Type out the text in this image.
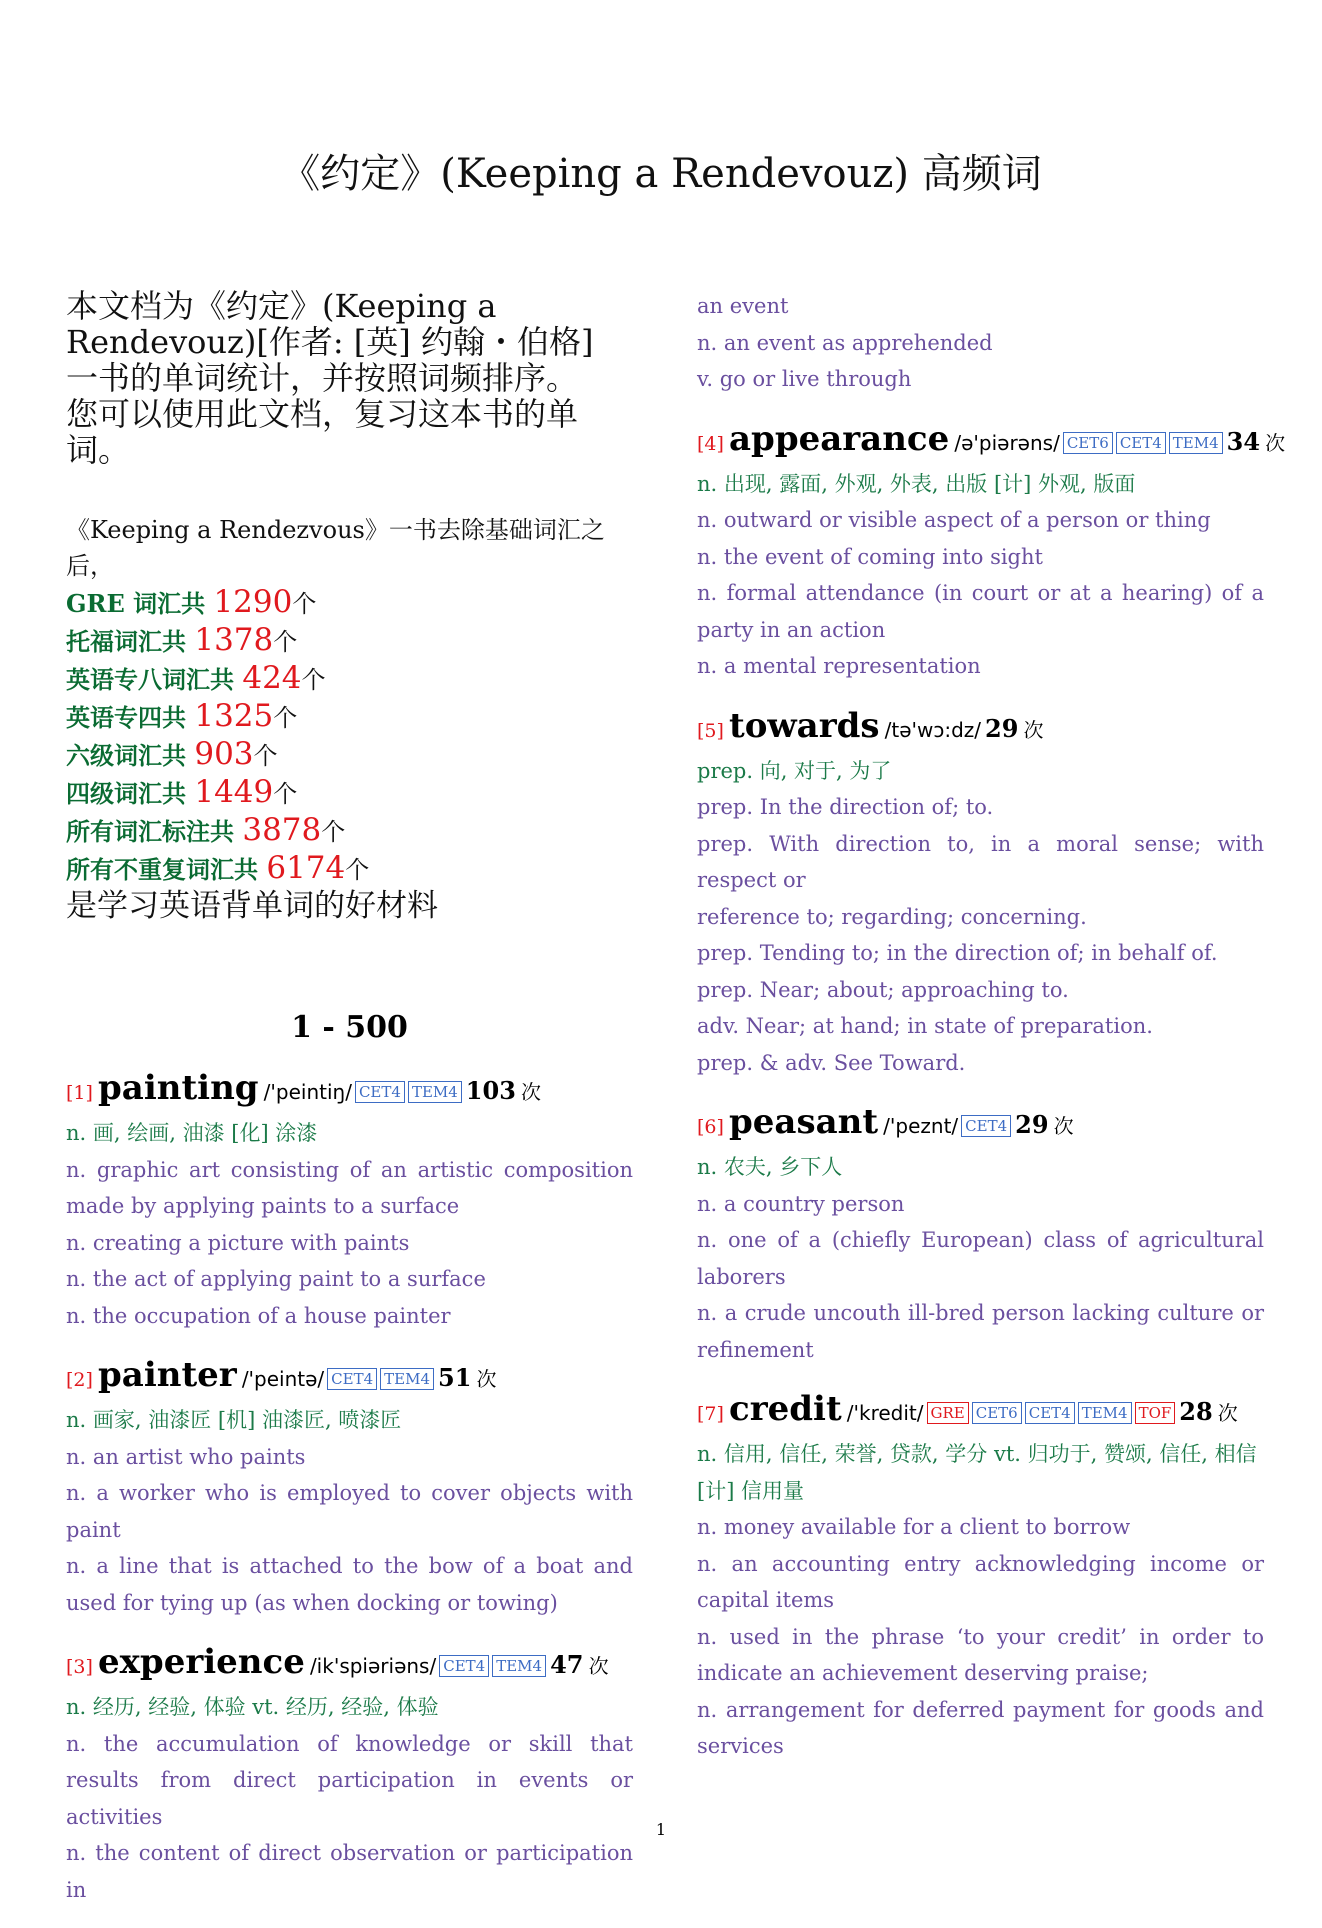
《约定》(Keeping a Rendevouz) 高频词

本文档为《约定》(Keeping a Rendevouz)[作者: [英] 约翰・伯格] 一书的单词统计，并按照词频排序。
您可以使用此文档，复习这本书的单词。

《Keeping a Rendezvous》一书去除基础词汇之后，
GRE 词汇共 1290个
托福词汇共 1378个
英语专八词汇共 424个
英语专四共 1325个
六级词汇共 903个
四级词汇共 1449个
所有词汇标注共 3878个
所有不重复词汇共 6174个
是学习英语背单词的好材料
1 - 500
[1] painting /'peintiŋ/ CET4 TEM4 103 次
n. 画, 绘画, 油漆 [化] 涂漆
n. graphic art consisting of an artistic composition made by applying paints to a surface
n. creating a picture with paints
n. the act of applying paint to a surface
n. the occupation of a house painter
[2] painter /'peintə/ CET4 TEM4 51 次
n. 画家, 油漆匠 [机] 油漆匠, 喷漆匠
n. an artist who paints
n. a worker who is employed to cover objects with paint
n. a line that is attached to the bow of a boat and used for tying up (as when docking or towing)
[3] experience /ik'spiəriəns/ CET4 TEM4 47 次
n. 经历, 经验, 体验 vt. 经历, 经验, 体验
n. the accumulation of knowledge or skill that results from direct participation in events or activities
n. the content of direct observation or participation in
an event
n. an event as apprehended
v. go or live through
[4] appearance /ə'piərəns/ CET6 CET4 TEM4 34 次
n. 出现, 露面, 外观, 外表, 出版 [计] 外观, 版面
n. outward or visible aspect of a person or thing
n. the event of coming into sight
n. formal attendance (in court or at a hearing) of a party in an action
n. a mental representation
[5] towards /tə'wɔ:dz/ 29 次
prep. 向, 对于, 为了
prep. In the direction of; to.
prep. With direction to, in a moral sense; with respect or
reference to; regarding; concerning.
prep. Tending to; in the direction of; in behalf of.
prep. Near; about; approaching to.
adv. Near; at hand; in state of preparation.
prep. & adv. See Toward.
[6] peasant /'peznt/ CET4 29 次
n. 农夫, 乡下人
n. a country person
n. one of a (chiefly European) class of agricultural laborers
n. a crude uncouth ill-bred person lacking culture or refinement
[7] credit /'kredit/ GRE CET6 CET4 TEM4 TOF 28 次
n. 信用, 信任, 荣誉, 贷款, 学分 vt. 归功于, 赞颂, 信任, 相信 [计] 信用量
n. money available for a client to borrow
n. an accounting entry acknowledging income or capital items
n. used in the phrase ‘to your credit’ in order to indicate an achievement deserving praise;
n. arrangement for deferred payment for goods and services
1
